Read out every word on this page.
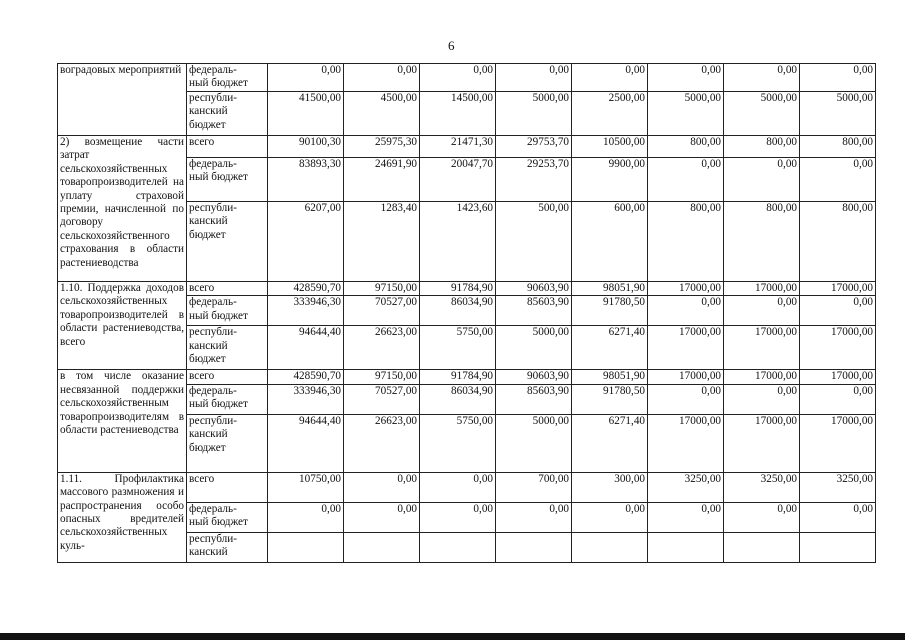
6
воградовых мероприятий	федераль-
ный бюджет	0,00	0,00	0,00	0,00	0,00	0,00	0,00	0,00

	республи-
канский
бюджет	41500,00	4500,00	14500,00	5000,00	2500,00	5000,00	5000,00	5000,00

2) возмещение части затрат сельскохозяйственных товаропроизводителей на уплату страховой премии, начисленной по договору сельскохозяйственного страхования в области растениеводства	всего	90100,30	25975,30	21471,30	29753,70	10500,00	800,00	800,00	800,00

	федераль-
ный бюджет	83893,30	24691,90	20047,70	29253,70	9900,00	0,00	0,00	0,00

	республи-
канский
бюджет	6207,00	1283,40	1423,60	500,00	600,00	800,00	800,00	800,00

1.10. Поддержка доходов сельскохозяйственных товаропроизводителей в области растениеводства, всего	всего	428590,70	97150,00	91784,90	90603,90	98051,90	17000,00	17000,00	17000,00

	федераль-
ный бюджет	333946,30	70527,00	86034,90	85603,90	91780,50	0,00	0,00	0,00

	республи-
канский
бюджет	94644,40	26623,00	5750,00	5000,00	6271,40	17000,00	17000,00	17000,00

в том числе оказание несвязанной поддержки сельскохозяйственным товаропроизводителям в области растениеводства	всего	428590,70	97150,00	91784,90	90603,90	98051,90	17000,00	17000,00	17000,00

	федераль-
ный бюджет	333946,30	70527,00	86034,90	85603,90	91780,50	0,00	0,00	0,00

	республи-
канский
бюджет	94644,40	26623,00	5750,00	5000,00	6271,40	17000,00	17000,00	17000,00

1.11. Профилактика массового размножения и распространения особо опасных вредителей сельскохозяйственных куль-	всего	10750,00	0,00	0,00	700,00	300,00	3250,00	3250,00	3250,00

	федераль-
ный бюджет	0,00	0,00	0,00	0,00	0,00	0,00	0,00	0,00

	республи-
канский								
